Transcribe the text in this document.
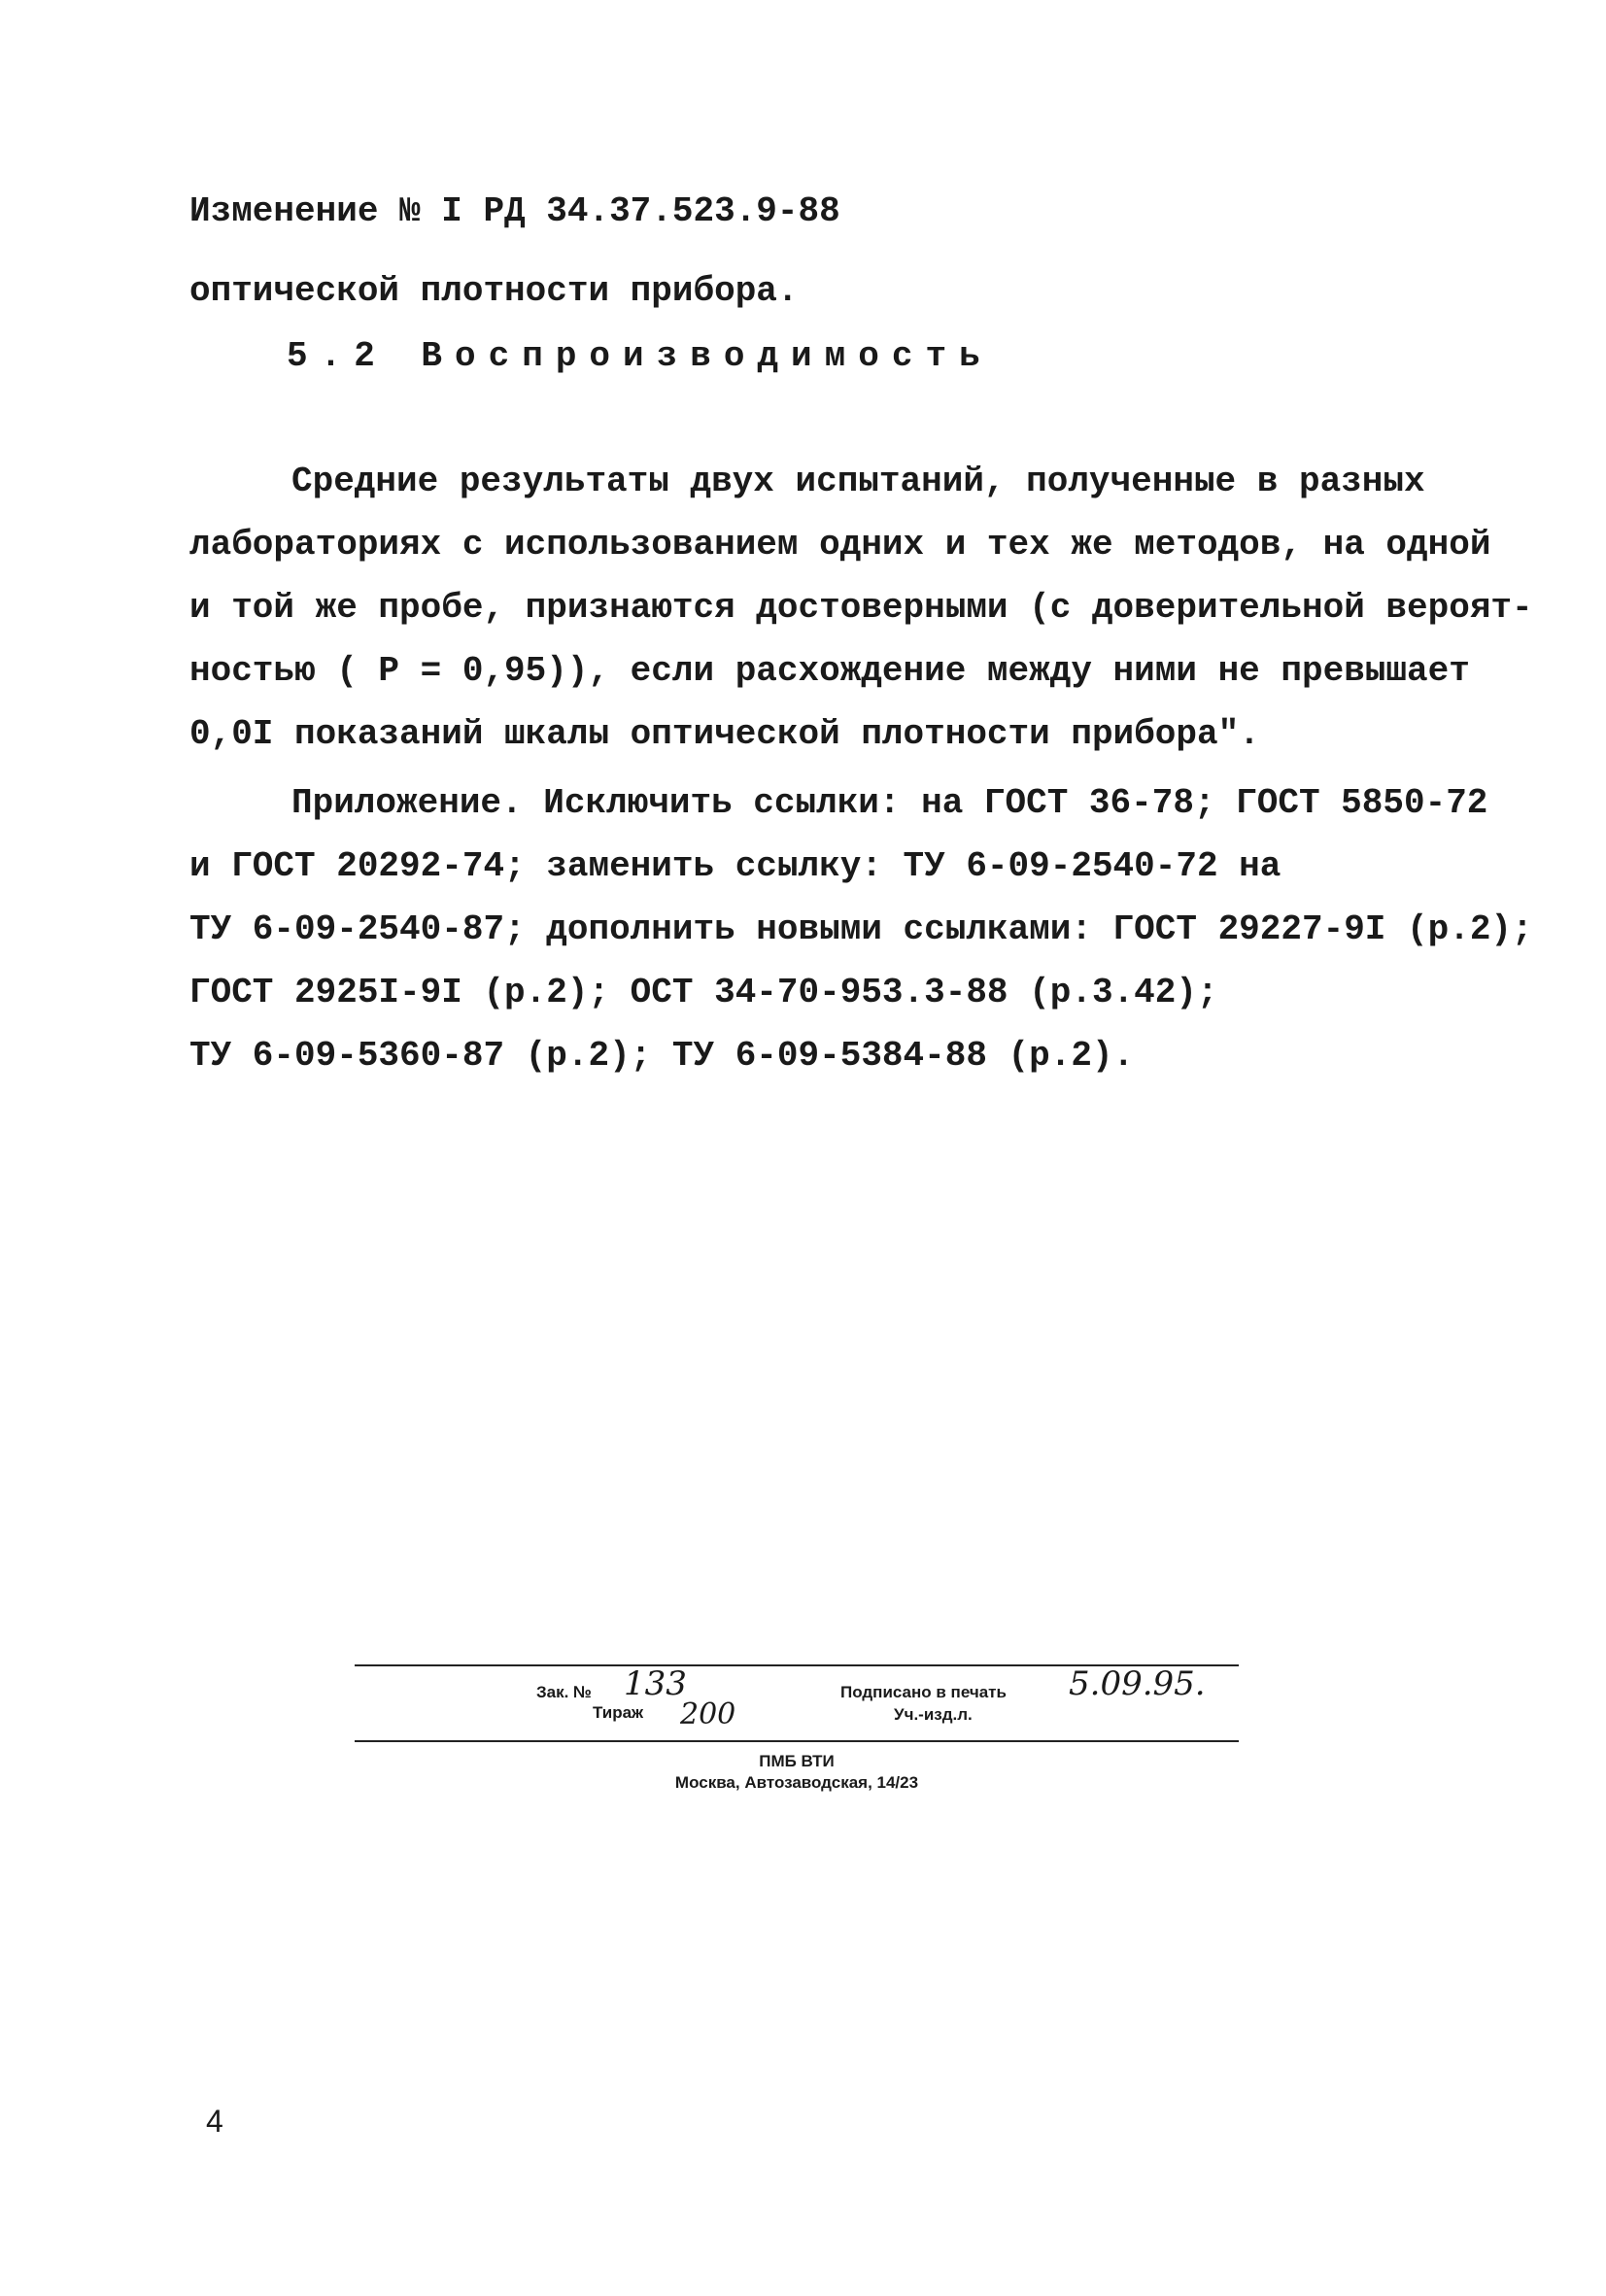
Изменение № I РД 34.37.523.9-88
оптической плотности прибора.
5.2 Воспроизводимость
Средние результаты двух испытаний, полученные в разных
лабораториях с использованием одних и тех же методов, на одной
и той же пробе, признаются достоверными (с доверительной вероят-
ностью ( Р = 0,95)), если расхождение между ними не превышает
0,0I показаний шкалы оптической плотности прибора".
Приложение. Исключить ссылки: на ГОСТ 36-78; ГОСТ 5850-72
и ГОСТ 20292-74; заменить ссылку: ТУ 6-09-2540-72 на
ТУ 6-09-2540-87; дополнить новыми ссылками: ГОСТ 29227-9I (р.2);
ГОСТ 2925I-9I (р.2); ОСТ 34-70-953.3-88 (р.3.42);
ТУ 6-09-5360-87 (р.2); ТУ 6-09-5384-88 (р.2).
Зак. № 133
Тираж 200
Подписано в печать 5.09.95.
Уч.-изд.л.
ПМБ ВТИ
Москва, Автозаводская, 14/23
4
